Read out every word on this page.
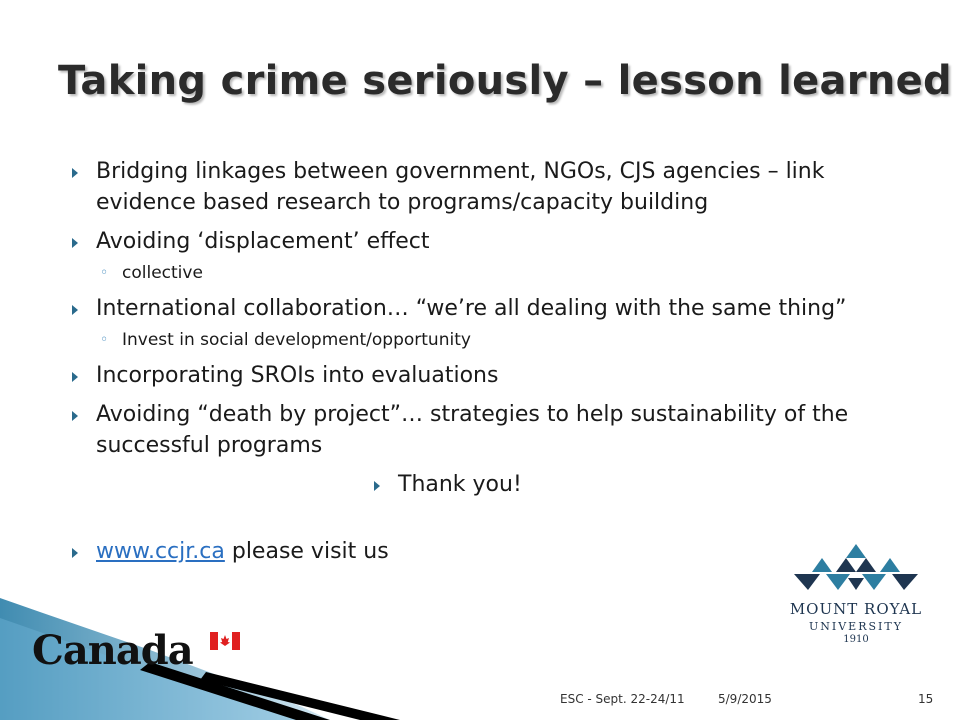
Taking crime seriously – lesson learned
Bridging linkages between government, NGOs, CJS agencies – link evidence based research to programs/capacity building
Avoiding ‘displacement’ effect
◦ collective
International collaboration… “we’re all dealing with the same thing”
◦ Invest in social development/opportunity
Incorporating SROIs into evaluations
Avoiding “death by project”… strategies to help sustainability of the successful programs
Thank you!
www.ccjr.ca please visit us
MOUNT ROYAL
UNIVERSITY
1910
Canada
ESC - Sept. 22-24/11	5/9/2015	15
